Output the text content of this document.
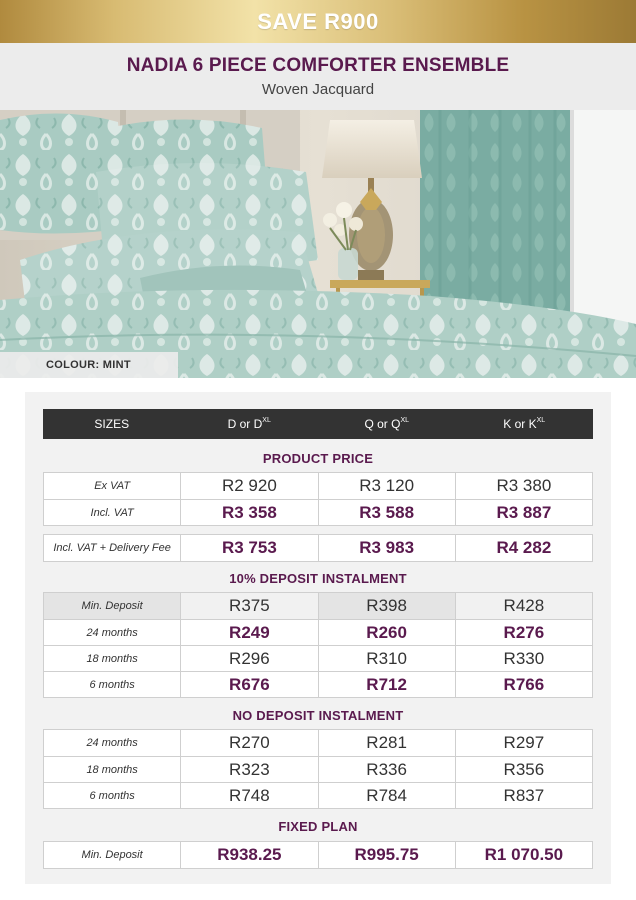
SAVE R900
NADIA 6 PIECE COMFORTER ENSEMBLE
Woven Jacquard
COLOUR: MINT
SIZES	D or $D^{XL}$	Q or $Q^{XL}$	K or $K^{XL}$
PRODUCT PRICE
Ex VAT	R2 920	R3 120	R3 380
Incl. VAT	R3 358	R3 588	R3 887
Incl. VAT + Delivery Fee	R3 753	R3 983	R4 282
10% DEPOSIT INSTALMENT
Min. Deposit	R375	R398	R428
24 months	R249	R260	R276
18 months	R296	R310	R330
6 months	R676	R712	R766
NO DEPOSIT INSTALMENT
24 months	R270	R281	R297
18 months	R323	R336	R356
6 months	R748	R784	R837
FIXED PLAN
Min. Deposit	R938.25	R995.75	R1 070.50
